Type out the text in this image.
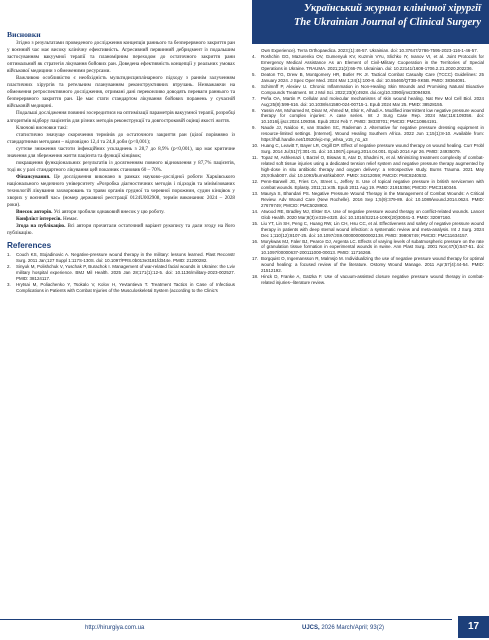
Український журнал клінічної хірургії
The Ukrainian Journal of Clinical Surgery
Висновки

Згідно з результатами проведеного дослідження концепція раннього та безперервного закриття ран у воєнний час має високу клінічну ефективність. Агресивний первинний дебридмент із подальшим застосуванням вакуумної терапії та планомірним переходом до остаточного закриття рани оптимальний як стратегія лікування бойових ран. Доведена ефективність концепції у реальних умовах військової медицини з обмеженими ресурсами.

Важливою особливістю є необхідність мультидисциплінарного підходу з раннім залученням пластичних хірургів та ретельним плануванням реконструктивних втручань. Незважаючи на обмеження ретроспективного дослідження, отримані дані переконливо доводять переваги раннього та безперервного закриття ран. Це має стати стандартом лікування бойових поранень у сучасній військовій медицині.

Подальші дослідження повинні зосередитися на оптимізації параметрів вакуумної терапії, розробці алгоритмів відбору пацієнтів для різних методів реконструкції та довгостроковій оцінці якості життя.

Ключові висновки такі:

статистично значуще скорочення термінів до остаточного закриття ран (цілої порівняно із стандартними методами – відповідно 12,4 та 24,8 доби (р<0,001);

суттєве зниження частоти інфекційних ускладнень з 28,7 до 8,9% (р<0,001), що має критичне значення для збереження життя пацієнта та функції кінцівок;

покращення функціональних результатів із досягненням повного відновлення у 87,7% пацієнтів, тоді як у разі стандартного лікування цей показник становив 60 – 70%.

Фінансування. Це дослідження виконано в рамках науково–дослідної роботи Харківського національного медичного університету «Розробка діагностичних методів і підходів та мінімізованих технологій лікування захворювань та травм органів грудної та черевної порожнин, судин кінцівок у хворих у воєнний час» (номер державної реєстрації 0124U002908, термін виконання: 2024 – 2028 роки).

Внесок авторів. Усі автори зробили однаковий внесок у цю роботу.

Конфлікт інтересів. Немає.

Згода на публікацію. Всі автори прочитали остаточний варіант рукопису та дали згоду на його публікацію.

References
1. Couch KS, Stojadinovic A. Negative-pressure wound therapy in the military: lessons learned. Plast Reconstr Surg. 2011 Jan;127 Suppl 1:117S-130S. doi: 10.1097/PRS.0b013e3181fd344e. PMID: 21200282.
2. Sinyuk M, Polishchuk V, Yuschak P, Burachok I. Management of war-related facial wounds in Ukraine: the Lviv military hospital experience. BMJ Mil Health. 2025 Jan 28;171(1):12-5. doi: 10.1136/military-2023-002527. PMID: 38124117.
3. Hrytsai M, Poliachenko Y, Tsokalo V, Kolov H, Yevtantieva T. Treatment Tactics in Case of Infectious Complications in Patients with Combat Injuries of the Musculoskeletal System (according to the Clinic's
Own Experience). Terra Orthopaedica. 2023;(1):46-57. Ukrainian. doi: 10.37647/2786-7595-2023-116-1-46-57.
4. Roshchin GG, Mazurenko OV, Gumenyuk KV, Kuzmin VYu, Slichko IY, Ivanov VI, et al. Joint Protocols for Emergency Medical Assistance As an Element of Civil-Military Cooperation in the Territories of Special Operations in Ukraine. TRAUMA. 2021;21(2):66-79. Ukrainian. doi: 10.22141/1608-1706.2.21.2020.202236.
5. Deaton TG, Drew B, Montgomery HR, Butler FK Jr. Tactical Combat Casualty Care (TCCC) Guidelines: 25 January 2024. J Spec Oper Med. 2024 Mar 1;24(1):100-8. doi: 10.55460/QT3B-XK5B. PMID: 38364091.
6. Schimnff P, Alexiev U. Chronic Inflammation in Non-Healing Skin Wounds and Promising Natural Bioactive Compounds Treatment. Int J Mol Sci. 2022;23(9):4928. doi.org/10.3390/ijms23094928.
7. Peña OA, Martin P. Cellular and molecular mechanisms of skin wound healing. Nat Rev Mol Cell Biol. 2024 Aug;25(8):599-616. doi: 10.1038/s41580-024-00715-1. Epub 2024 Mar 25. PMID: 38528155.
8. Yassin AM, Mohamed M, Dinar M, Ahmed M, Elsir K, Alhadi A. Modified intermittent low negative pressure wound therapy for complex injuries: A case series. Int J Surg Case Rep. 2024 Mar;116:109356. doi: 10.1016/j.ijscr.2024.109356. Epub 2024 Feb 7. PMID: 38330701; PMCID: PMC10864191.
9. Naude JJ, Naidoo K, van Staden SC, Rademan J. Alternative for negative pressure dressing equipment in resource-limited settings. [Internet]. Wound Healing Southern Africa. 2022 Jun 1;15(1):8-10. Available from: https://hdl.handle.net/10520/ejc-mp_whsa_v15_n1_a3
10. Huang C, Leavitt T, Bayer LR, Orgill DP. Effect of negative pressure wound therapy on wound healing. Curr Probl Surg. 2014 Jul;51(7):301-31. doi: 10.1067/j.cpsurg.2014.04.001. Epub 2014 Apr 26. PMID: 24935079.
11. Topaz M, Ashkenazi I, Barzel O, Biswas S, Atar D, Shadmi N, et al. Minimizing treatment complexity of combat-related soft tissue injuries using a dedicated tension relief system and negative pressure therapy augmented by high-dose in situ antibiotic therapy and oxygen delivery: a retrospective study. Burns Trauma. 2021 May 25;9:tkab007. doi: 10.1093/burnst/tkab007. PMID: 34212059; PMCID: PMC8240532.
12. Penn-Barwell JG, Fries CA, Street L, Jeffery S. Use of topical negative pressure in british servicemen with combat wounds. Eplasty. 2011;11:e35. Epub 2011 Aug 19. PMID: 21915356; PMCID: PMC3160346.
13. Maurya S, Bhandari PS. Negative Pressure Wound Therapy in the Management of Combat Wounds: A Critical Review. Adv Wound Care (New Rochelle). 2016 Sep 1;5(9):379-89. doi: 10.1089/wound.2014.0624. PMID: 27679749; PMCID: PMC5028902.
14. Atwood RE, Bradley MJ, Elster EA. Use of negative pressure wound therapy on conflict-related wounds. Lancet Glob Health. 2020 Mar;8(3):e319-e320. doi: 10.1016/S2214-109X(20)30041-3. PMID: 32087160.
15. Liu YT, Lin SH, Peng C, Huang RW, Lin CH, Hsu CC, et al. Effectiveness and safety of negative pressure wound therapy in patients with deep sternal wound infection: a systematic review and meta-analysis. Int J Surg. 2024 Dec 1;110(12):8107-25. doi: 10.1097/JS9.0000000000002138. PMID: 39806749; PMCID: PMC11634157.
16. Morykwas MJ, Faler BJ, Pearce DJ, Argenta LC. Effects of varying levels of subatmospheric pressure on the rate of granulation tissue formation in experimental wounds in swine. Ann Plast Surg. 2001 Nov;47(5):547-51. doi: 10.1097/00000637-200111000-00013. PMID: 11716268.
17. Borgquist O, Ingemansson R, Malmsjö M. Individualizing the use of negative pressure wound therapy for optimal wound healing: a focused review of the literature. Ostomy Wound Manage. 2011 Apr;57(4):44-54. PMID: 21512192.
18. Hinck D, Franke A, Gatzka F. Use of vacuum-assisted closure negative pressure wound therapy in combat-related injuries--literature review.
http://hirurgiya.com.ua	UJCS, 2026 March/April; 93(2)	17
